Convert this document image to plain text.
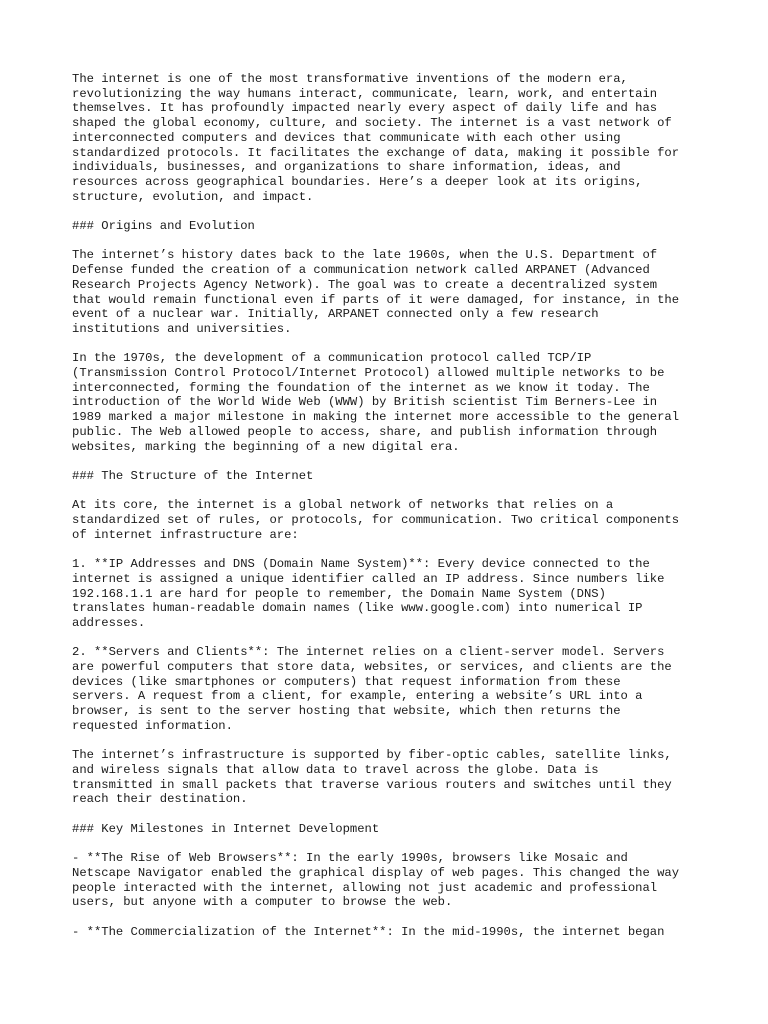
The internet is one of the most transformative inventions of the modern era,
revolutionizing the way humans interact, communicate, learn, work, and entertain
themselves. It has profoundly impacted nearly every aspect of daily life and has
shaped the global economy, culture, and society. The internet is a vast network of
interconnected computers and devices that communicate with each other using
standardized protocols. It facilitates the exchange of data, making it possible for
individuals, businesses, and organizations to share information, ideas, and
resources across geographical boundaries. Here’s a deeper look at its origins,
structure, evolution, and impact.

### Origins and Evolution

The internet’s history dates back to the late 1960s, when the U.S. Department of
Defense funded the creation of a communication network called ARPANET (Advanced
Research Projects Agency Network). The goal was to create a decentralized system
that would remain functional even if parts of it were damaged, for instance, in the
event of a nuclear war. Initially, ARPANET connected only a few research
institutions and universities.

In the 1970s, the development of a communication protocol called TCP/IP
(Transmission Control Protocol/Internet Protocol) allowed multiple networks to be
interconnected, forming the foundation of the internet as we know it today. The
introduction of the World Wide Web (WWW) by British scientist Tim Berners-Lee in
1989 marked a major milestone in making the internet more accessible to the general
public. The Web allowed people to access, share, and publish information through
websites, marking the beginning of a new digital era.

### The Structure of the Internet

At its core, the internet is a global network of networks that relies on a
standardized set of rules, or protocols, for communication. Two critical components
of internet infrastructure are:

1. **IP Addresses and DNS (Domain Name System)**: Every device connected to the
internet is assigned a unique identifier called an IP address. Since numbers like
192.168.1.1 are hard for people to remember, the Domain Name System (DNS)
translates human-readable domain names (like www.google.com) into numerical IP
addresses.

2. **Servers and Clients**: The internet relies on a client-server model. Servers
are powerful computers that store data, websites, or services, and clients are the
devices (like smartphones or computers) that request information from these
servers. A request from a client, for example, entering a website’s URL into a
browser, is sent to the server hosting that website, which then returns the
requested information.

The internet’s infrastructure is supported by fiber-optic cables, satellite links,
and wireless signals that allow data to travel across the globe. Data is
transmitted in small packets that traverse various routers and switches until they
reach their destination.

### Key Milestones in Internet Development

- **The Rise of Web Browsers**: In the early 1990s, browsers like Mosaic and
Netscape Navigator enabled the graphical display of web pages. This changed the way
people interacted with the internet, allowing not just academic and professional
users, but anyone with a computer to browse the web.

- **The Commercialization of the Internet**: In the mid-1990s, the internet began
